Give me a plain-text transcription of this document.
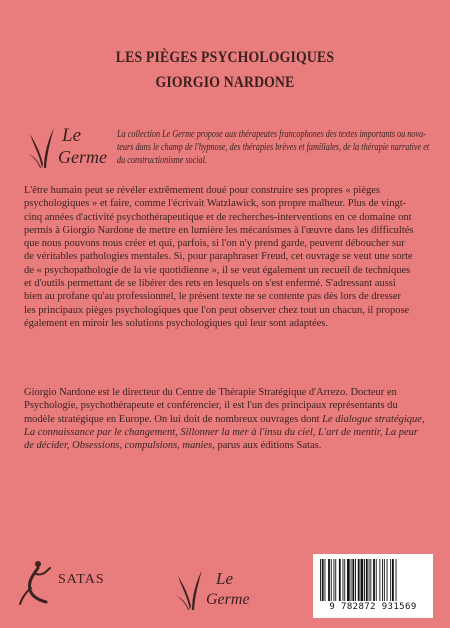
LES PIÈGES PSYCHOLOGIQUES
GIORGIO NARDONE
Le
Germe
La collection Le Germe propose aux thérapeutes francophones des textes importants ou nova-
teurs dans le champ de l'hypnose, des thérapies brèves et familiales, de la thérapie narrative et
du constructionisme social.
L'être humain peut se révéler extrêmement doué pour construire ses propres « pièges
psychologiques » et faire, comme l'écrivait Watzlawick, son propre malheur. Plus de vingt-
cinq années d'activité psychothérapeutique et de recherches-interventions en ce domaine ont
permis à Giorgio Nardone de mettre en lumière les mécanismes à l'œuvre dans les difficultés
que nous pouvons nous créer et qui, parfois, si l'on n'y prend garde, peuvent déboucher sur
de véritables pathologies mentales. Si, pour paraphraser Freud, cet ouvrage se veut une sorte
de « psychopathologie de la vie quotidienne », il se veut également un recueil de techniques
et d'outils permettant de se libérer des rets en lesquels on s'est enfermé. S'adressant aussi
bien au profane qu'au professionnel, le présent texte ne se contente pas dès lors de dresser
les principaux pièges psychologiques que l'on peut observer chez tout un chacun, il propose
également en miroir les solutions psychologiques qui leur sont adaptées.
Giorgio Nardone est le directeur du Centre de Thérapie Stratégique d'Arrezo. Docteur en
Psychologie, psychothérapeute et conférencier, il est l'un des principaux représentants du
modèle stratégique en Europe. On lui doit de nombreux ouvrages dont Le dialogue stratégique,
La connaissance par le changement, Sillonner la mer à l'insu du ciel, L'art de mentir, La peur
de décider, Obsessions, compulsions, manies, parus aux éditions Satas.
SATAS	Le
Germe	9 782872 931569
